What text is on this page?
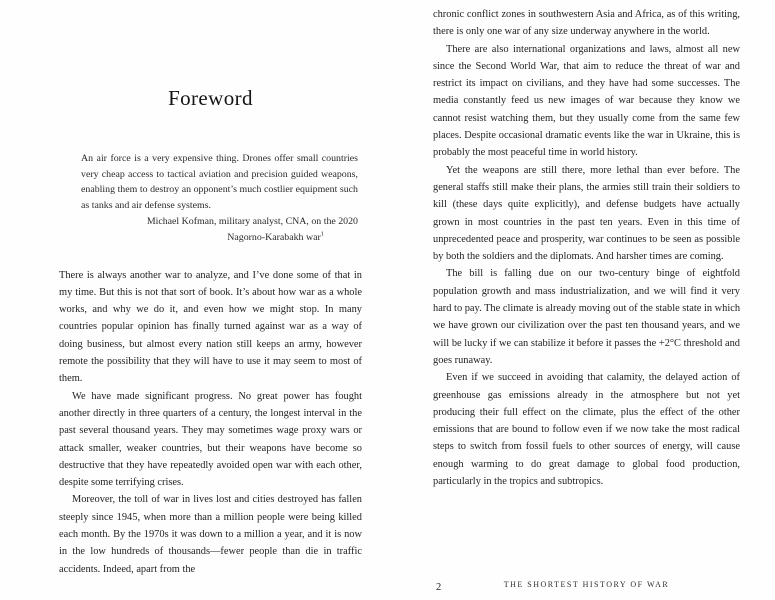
Foreword

An air force is a very expensive thing. Drones offer small countries very cheap access to tactical aviation and precision guided weapons, enabling them to destroy an opponent’s much costlier equipment such as tanks and air defense systems.

Michael Kofman, military analyst, CNA, on the 2020
Nagorno-Karabakh war$^1$

There is always another war to analyze, and I’ve done some of that in my time. But this is not that sort of book. It’s about how war as a whole works, and why we do it, and even how we might stop. In many countries popular opinion has finally turned against war as a way of doing business, but almost every nation still keeps an army, however remote the possibility that they will have to use it may seem to most of them.

We have made significant progress. No great power has fought another directly in three quarters of a century, the longest interval in the past several thousand years. They may sometimes wage proxy wars or attack smaller, weaker countries, but their weapons have become so destructive that they have repeatedly avoided open war with each other, despite some terrifying crises.

Moreover, the toll of war in lives lost and cities destroyed has fallen steeply since 1945, when more than a million people were being killed each month. By the 1970s it was down to a million a year, and it is now in the low hundreds of thousands—fewer people than die in traffic accidents. Indeed, apart from the

chronic conflict zones in southwestern Asia and Africa, as of this writing, there is only one war of any size underway anywhere in the world.

There are also international organizations and laws, almost all new since the Second World War, that aim to reduce the threat of war and restrict its impact on civilians, and they have had some successes. The media constantly feed us new images of war because they know we cannot resist watching them, but they usually come from the same few places. Despite occasional dramatic events like the war in Ukraine, this is probably the most peaceful time in world history.

Yet the weapons are still there, more lethal than ever before. The general staffs still make their plans, the armies still train their soldiers to kill (these days quite explicitly), and defense budgets have actually grown in most countries in the past ten years. Even in this time of unprecedented peace and prosperity, war continues to be seen as possible by both the soldiers and the diplomats. And harsher times are coming.

The bill is falling due on our two-century binge of eightfold population growth and mass industrialization, and we will find it very hard to pay. The climate is already moving out of the stable state in which we have grown our civilization over the past ten thousand years, and we will be lucky if we can stabilize it before it passes the +2°C threshold and goes runaway.

Even if we succeed in avoiding that calamity, the delayed action of greenhouse gas emissions already in the atmosphere but not yet producing their full effect on the climate, plus the effect of the other emissions that are bound to follow even if we now take the most radical steps to switch from fossil fuels to other sources of energy, will cause enough warming to do great damage to global food production, particularly in the tropics and subtropics.

2	THE SHORTEST HISTORY OF WAR
